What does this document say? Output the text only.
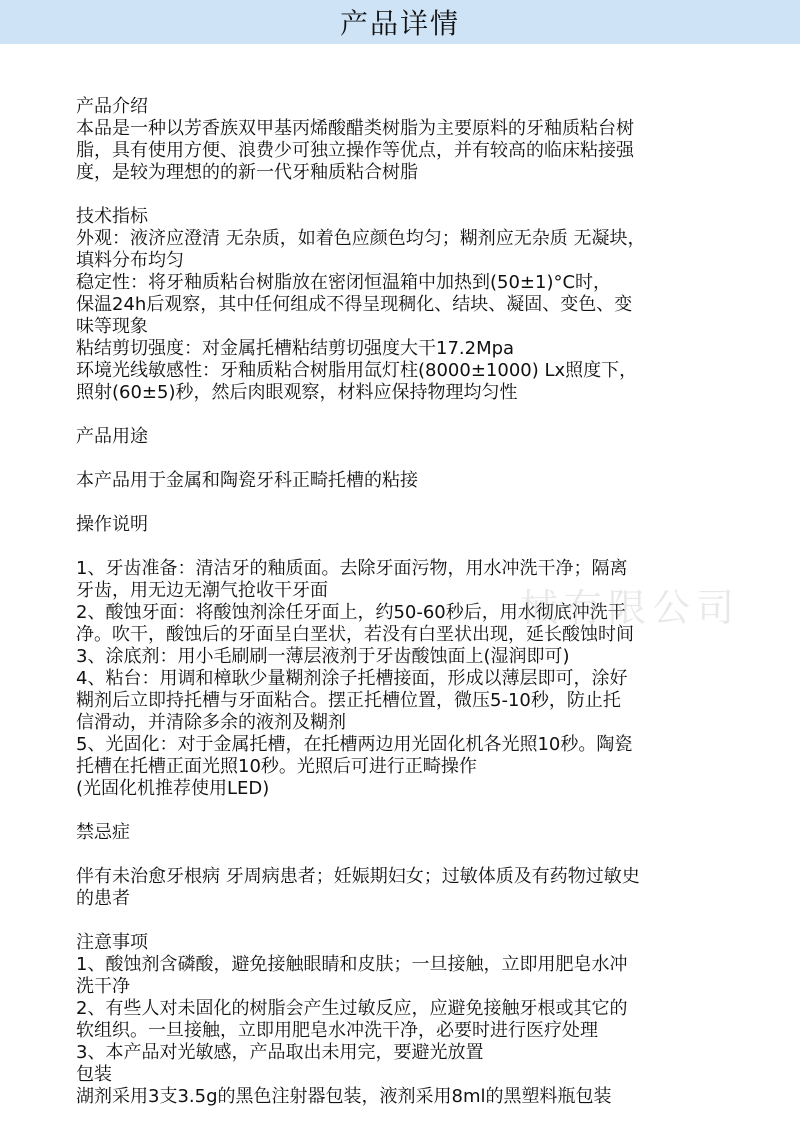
产品详情
械有限公司
产品介绍
本品是一种以芳香族双甲基丙烯酸醋类树脂为主要原料的牙釉质粘台树
脂，具有使用方便、浪费少可独立操作等优点，并有较高的临床粘接强
度，是较为理想的的新一代牙釉质粘合树脂
技术指标
外观：液济应澄清 无杂质，如着色应颜色均匀；糊剂应无杂质 无凝块，
填料分布均匀
稳定性：将牙釉质粘台树脂放在密闭恒温箱中加热到(50±1)°C时，
保温24h后观察，其中任何组成不得呈现稠化、结块、凝固、变色、变
味等现象
粘结剪切强度：对金属托槽粘结剪切强度大干17.2Mpa
环境光线敏感性：牙釉质粘合树脂用氙灯柱(8000±1000) Lx照度下，
照射(60±5)秒，然后肉眼观察，材料应保持物理均匀性
产品用途
本产品用于金属和陶瓷牙科正畸托槽的粘接
操作说明
1、牙齿准备：清洁牙的釉质面。去除牙面污物，用水冲洗干净；隔离
牙齿，用无边无潮气抢收干牙面
2、酸蚀牙面：将酸蚀剂涂任牙面上，约50-60秒后，用水彻底冲洗干
净。吹干，酸蚀后的牙面呈白垩状，若没有白垩状出现，延长酸蚀时间
3、涂底剂：用小毛刷刷一薄层液剂于牙齿酸蚀面上(湿润即可)
4、粘台：用调和樟耿少量糊剂涂子托槽接面，形成以薄层即可，涂好
糊剂后立即持托槽与牙面粘合。摆正托槽位置，微压5-10秒，防止托
信滑动，并清除多余的液剂及糊剂
5、光固化：对于金属托槽，在托槽两边用光固化机各光照10秒。陶瓷
托槽在托槽正面光照10秒。光照后可进行正畸操作
(光固化机推荐使用LED)
禁忌症
伴有未治愈牙根病 牙周病患者；妊娠期妇女；过敏体质及有药物过敏史
的患者
注意事项
1、酸蚀剂含磷酸，避免接触眼睛和皮肤；一旦接触，立即用肥皂水冲
洗干净
2、有些人对未固化的树脂会产生过敏反应，应避免接触牙根或其它的
软组织。一旦接触，立即用肥皂水冲洗干净，必要时进行医疗处理
3、本产品对光敏感，产品取出未用完，要避光放置
包装
湖剂采用3支3.5g的黑色注射器包装，液剂采用8ml的黑塑料瓶包装
